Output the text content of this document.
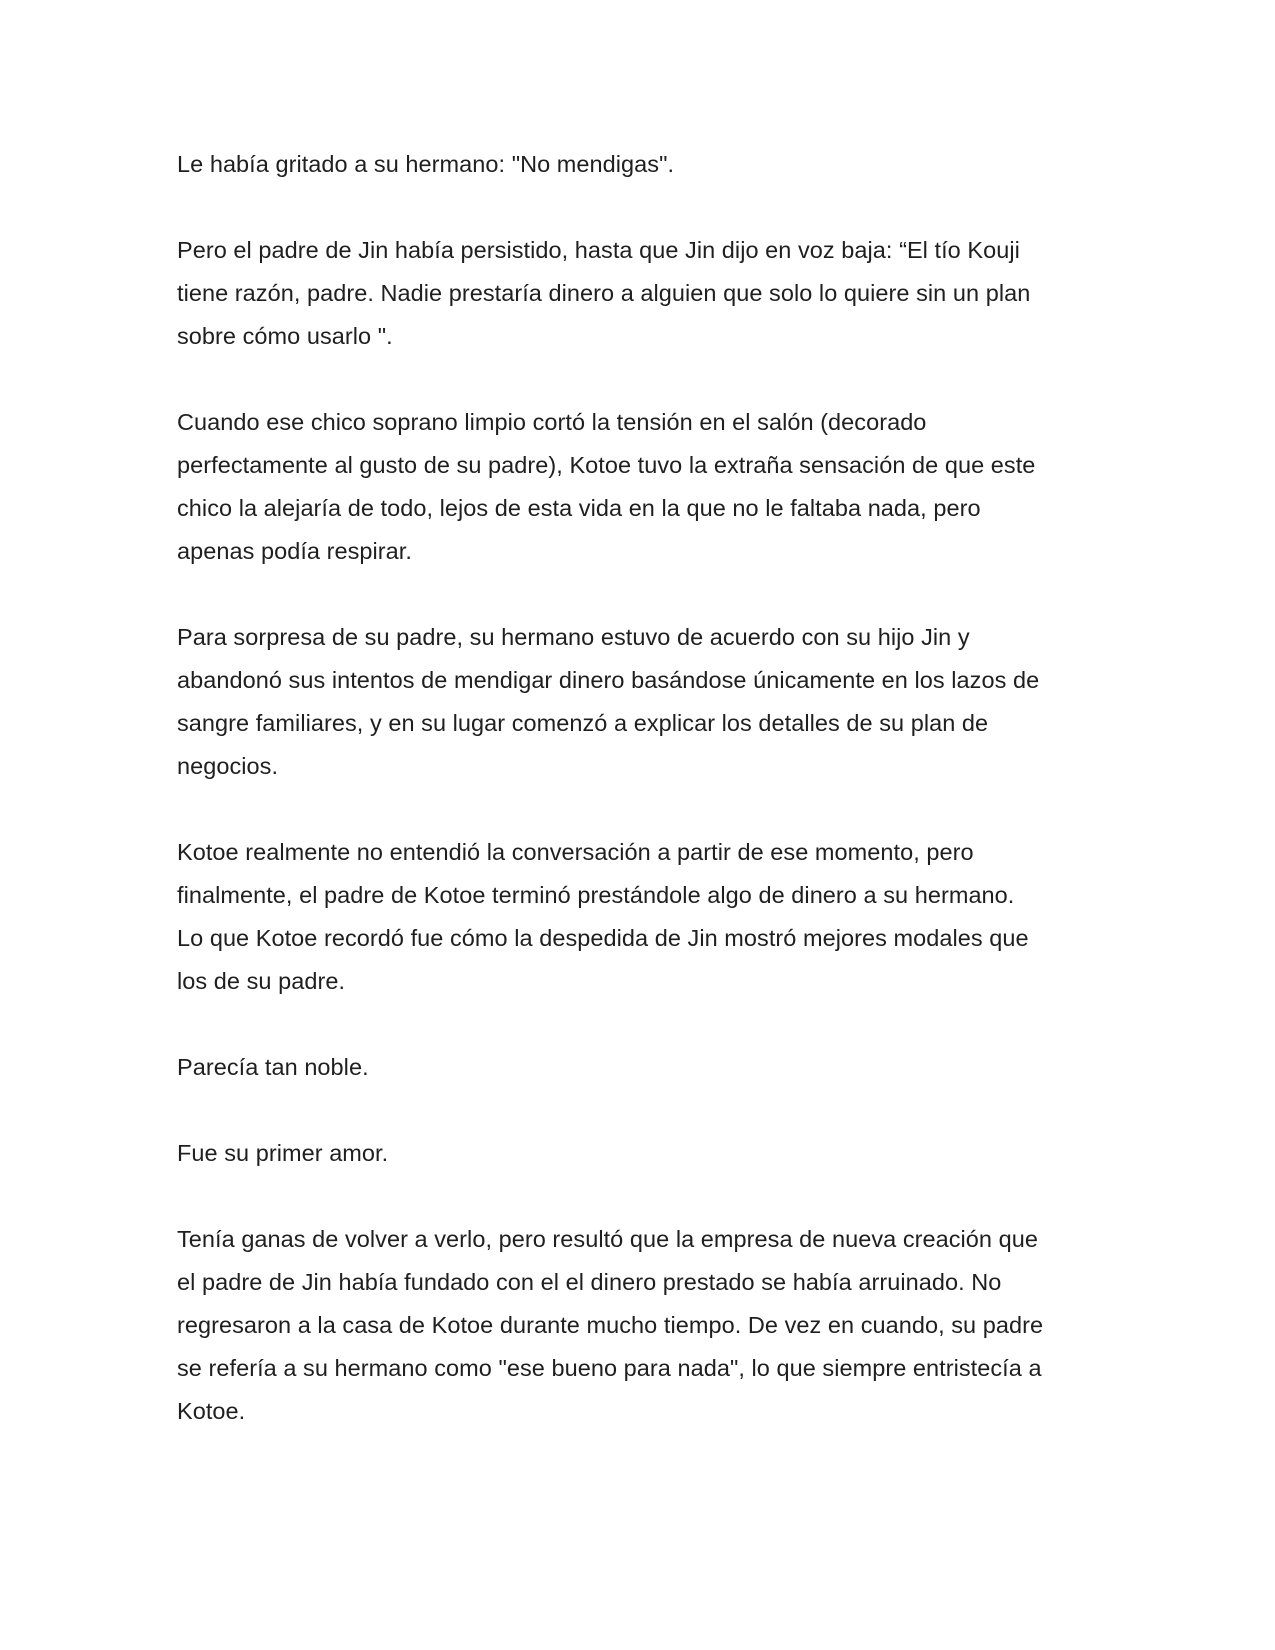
Le había gritado a su hermano: "No mendigas".

Pero el padre de Jin había persistido, hasta que Jin dijo en voz baja: “El tío Kouji
tiene razón, padre. Nadie prestaría dinero a alguien que solo lo quiere sin un plan
sobre cómo usarlo ".

Cuando ese chico soprano limpio cortó la tensión en el salón (decorado
perfectamente al gusto de su padre), Kotoe tuvo la extraña sensación de que este
chico la alejaría de todo, lejos de esta vida en la que no le faltaba nada, pero
apenas podía respirar.

Para sorpresa de su padre, su hermano estuvo de acuerdo con su hijo Jin y
abandonó sus intentos de mendigar dinero basándose únicamente en los lazos de
sangre familiares, y en su lugar comenzó a explicar los detalles de su plan de
negocios.

Kotoe realmente no entendió la conversación a partir de ese momento, pero
finalmente, el padre de Kotoe terminó prestándole algo de dinero a su hermano.
Lo que Kotoe recordó fue cómo la despedida de Jin mostró mejores modales que
los de su padre.

Parecía tan noble.

Fue su primer amor.

Tenía ganas de volver a verlo, pero resultó que la empresa de nueva creación que
el padre de Jin había fundado con el el dinero prestado se había arruinado. No
regresaron a la casa de Kotoe durante mucho tiempo. De vez en cuando, su padre
se refería a su hermano como "ese bueno para nada", lo que siempre entristecía a
Kotoe.
